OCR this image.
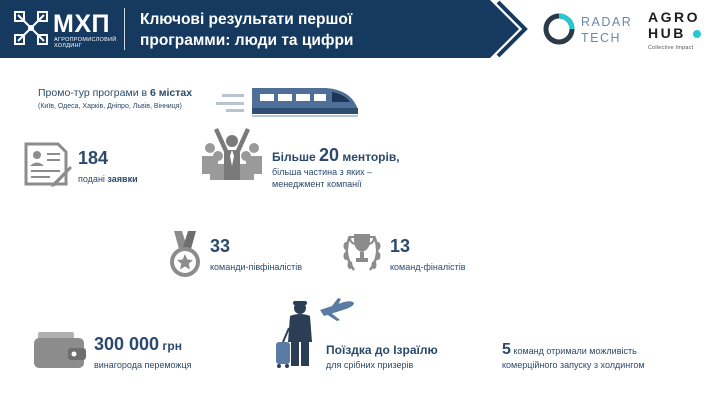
МХП
АГРОПРОМИСЛОВИЙ ХОЛДИНГ
Ключові результати першої
программи: люди та цифри
RADAR
TECH
AGRO
HUB
Collective Impact
Промо-тур програми в 6 містах
(Київ, Одеса, Харків, Дніпро, Львів, Вінниця)
184
подані заявки
Більше 20 менторів,
більша частина з яких –
менеджмент компанії
33
команди-півфіналістів
13
команд-фіналістів
300 000 грн
винагорода переможця
Поїздка до Ізраїлю
для срібних призерів
5 команд отримали можливість
комерційного запуску з холдингом
